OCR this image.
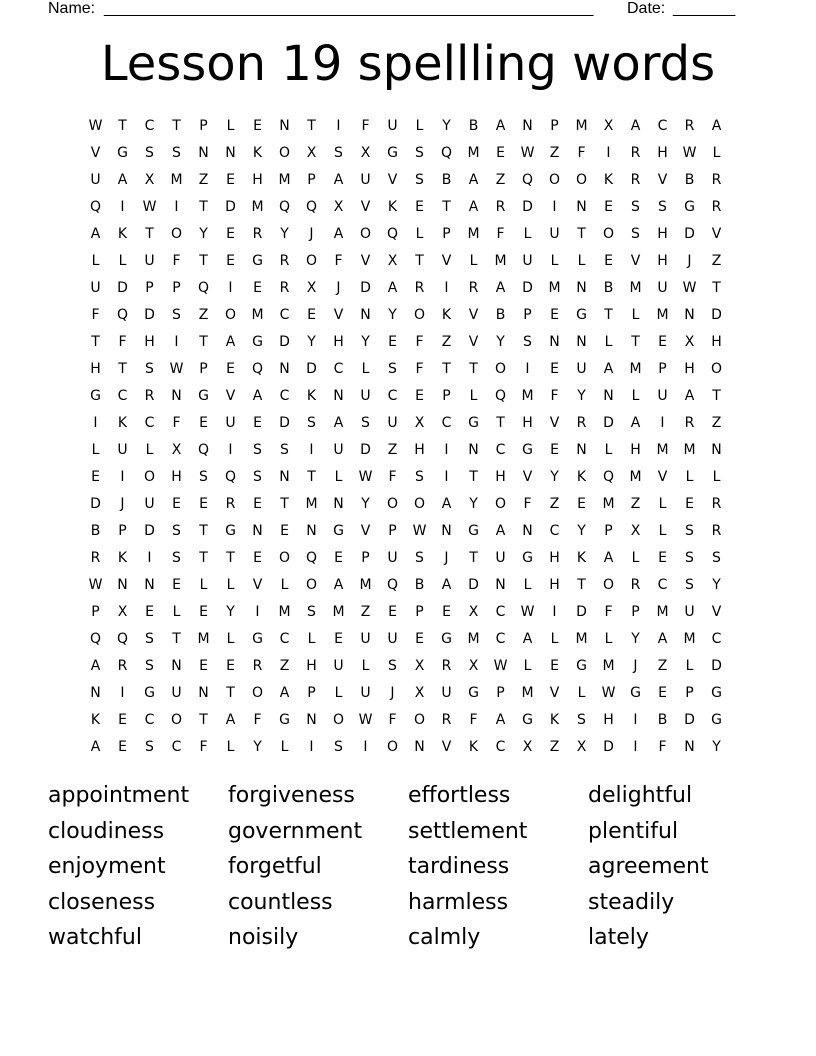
Name: _______________________________________________________ Date: _______
Lesson 19 spellling words
W T C T P L E N T I F U L Y B A N P M X A C R A
V G S S N N K O X S X G S Q M E W Z F I R H W L
U A X M Z E H M P A U V S B A Z Q O O K R V B R
Q I W I T D M Q Q X V K E T A R D I N E S S G R
A K T O Y E R Y J A O Q L P M F L U T O S H D V
L L U F T E G R O F V X T V L M U L L E V H J Z
U D P P Q I E R X J D A R I R A D M N B M U W T
F Q D S Z O M C E V N Y O K V B P E G T L M N D
T F H I T A G D Y H Y E F Z V Y S N N L T E X H
H T S W P E Q N D C L S F T T O I E U A M P H O
G C R N G V A C K N U C E P L Q M F Y N L U A T
I K C F E U E D S A S U X C G T H V R D A I R Z
L U L X Q I S S I U D Z H I N C G E N L H M M N
E I O H S Q S N T L W F S I T H V Y K Q M V L L
D J U E E R E T M N Y O O A Y O F Z E M Z L E R
B P D S T G N E N G V P W N G A N C Y P X L S R
R K I S T T E O Q E P U S J T U G H K A L E S S
W N N E L L V L O A M Q B A D N L H T O R C S Y
P X E L E Y I M S M Z E P E X C W I D F P M U V
Q Q S T M L G C L E U U E G M C A L M L Y A M C
A R S N E E R Z H U L S X R X W L E G M J Z L D
N I G U N T O A P L U J X U G P M V L W G E P G
K E C O T A F G N O W F O R F A G K S H I B D G
A E S C F L Y L I S I O N V K C X Z X D I F N Y
appointment forgiveness effortless	delightful
cloudiness	government settlement	plentiful
enjoyment	forgetful	tardiness	agreement
closeness	countless	harmless	steadily
watchful	noisily	calmly	lately
